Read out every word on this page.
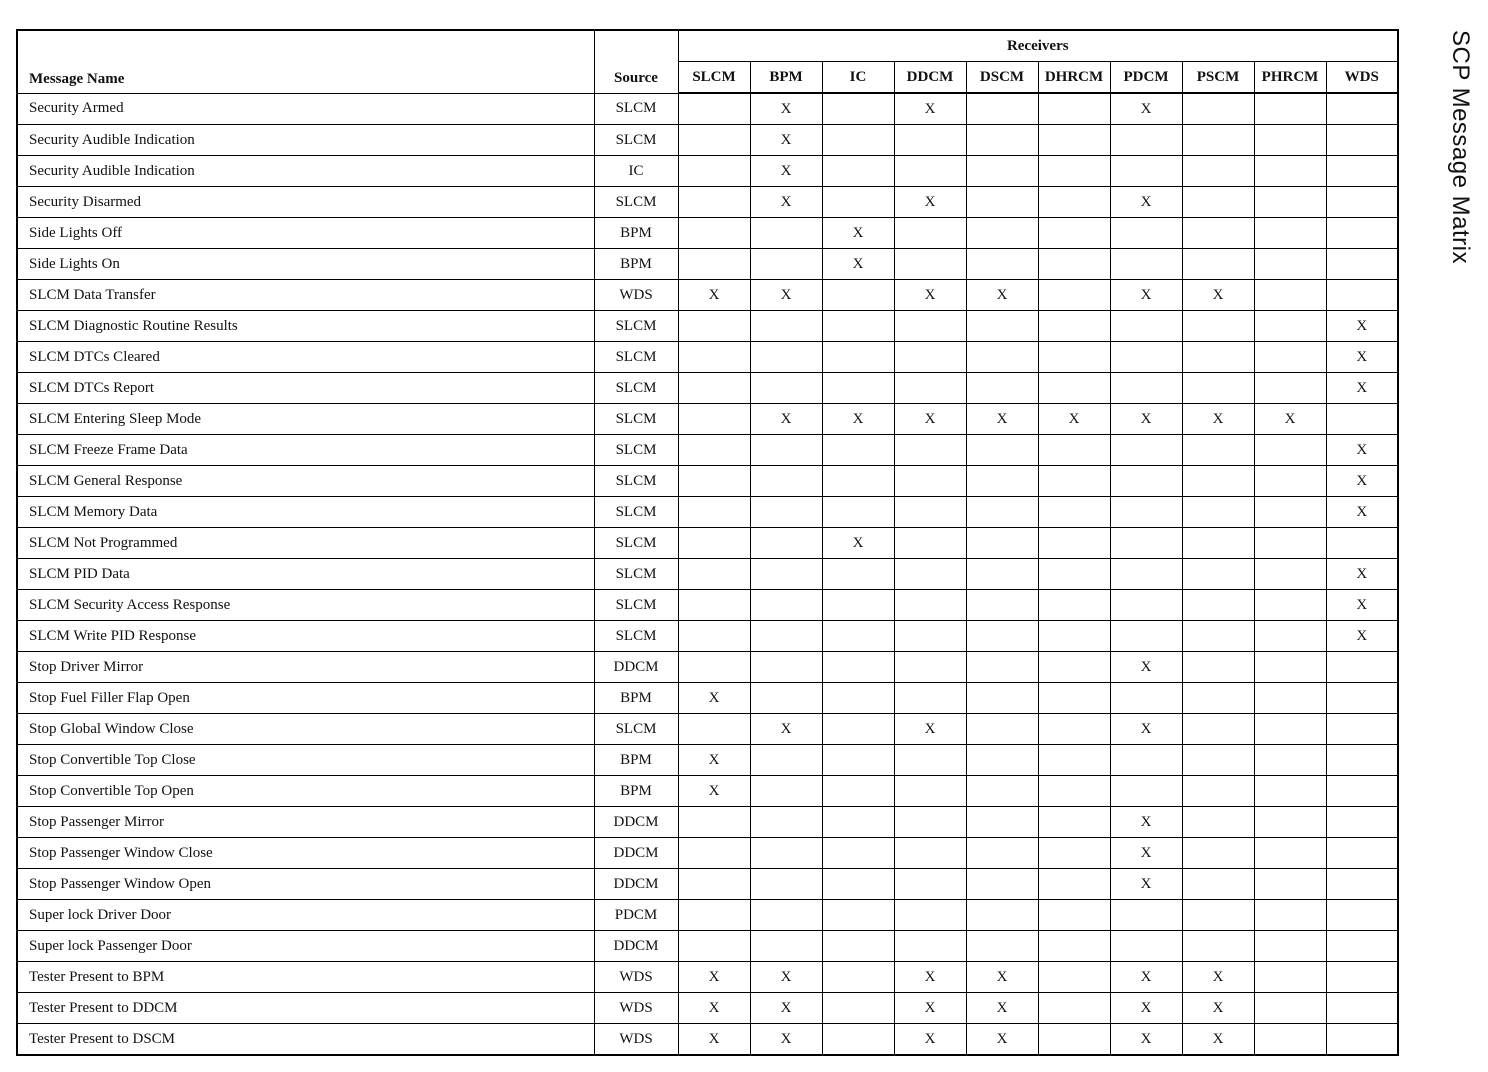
Message Name	Source	Receivers									
		SLCM	BPM	IC	DDCM	DSCM	DHRCM	PDCM	PSCM	PHRCM	WDS
Security Armed	SLCM		X		X			X			
Security Audible Indication	SLCM		X								
Security Audible Indication	IC		X								
Security Disarmed	SLCM		X		X			X			
Side Lights Off	BPM			X							
Side Lights On	BPM			X							
SLCM Data Transfer	WDS	X	X		X	X		X	X		
SLCM Diagnostic Routine Results	SLCM										X
SLCM DTCs Cleared	SLCM										X
SLCM DTCs Report	SLCM										X
SLCM Entering Sleep Mode	SLCM		X	X	X	X	X	X	X	X	
SLCM Freeze Frame Data	SLCM										X
SLCM General Response	SLCM										X
SLCM Memory Data	SLCM										X
SLCM Not Programmed	SLCM			X							
SLCM PID Data	SLCM										X
SLCM Security Access Response	SLCM										X
SLCM Write PID Response	SLCM										X
Stop Driver Mirror	DDCM							X			
Stop Fuel Filler Flap Open	BPM	X									
Stop Global Window Close	SLCM		X		X			X			
Stop Convertible Top Close	BPM	X									
Stop Convertible Top Open	BPM	X									
Stop Passenger Mirror	DDCM							X			
Stop Passenger Window Close	DDCM							X			
Stop Passenger Window Open	DDCM							X			
Super lock Driver Door	PDCM										
Super lock Passenger Door	DDCM										
Tester Present to BPM	WDS	X	X		X	X		X	X		
Tester Present to DDCM	WDS	X	X		X	X		X	X		
Tester Present to DSCM	WDS	X	X		X	X		X	X		
SCP Message Matrix
